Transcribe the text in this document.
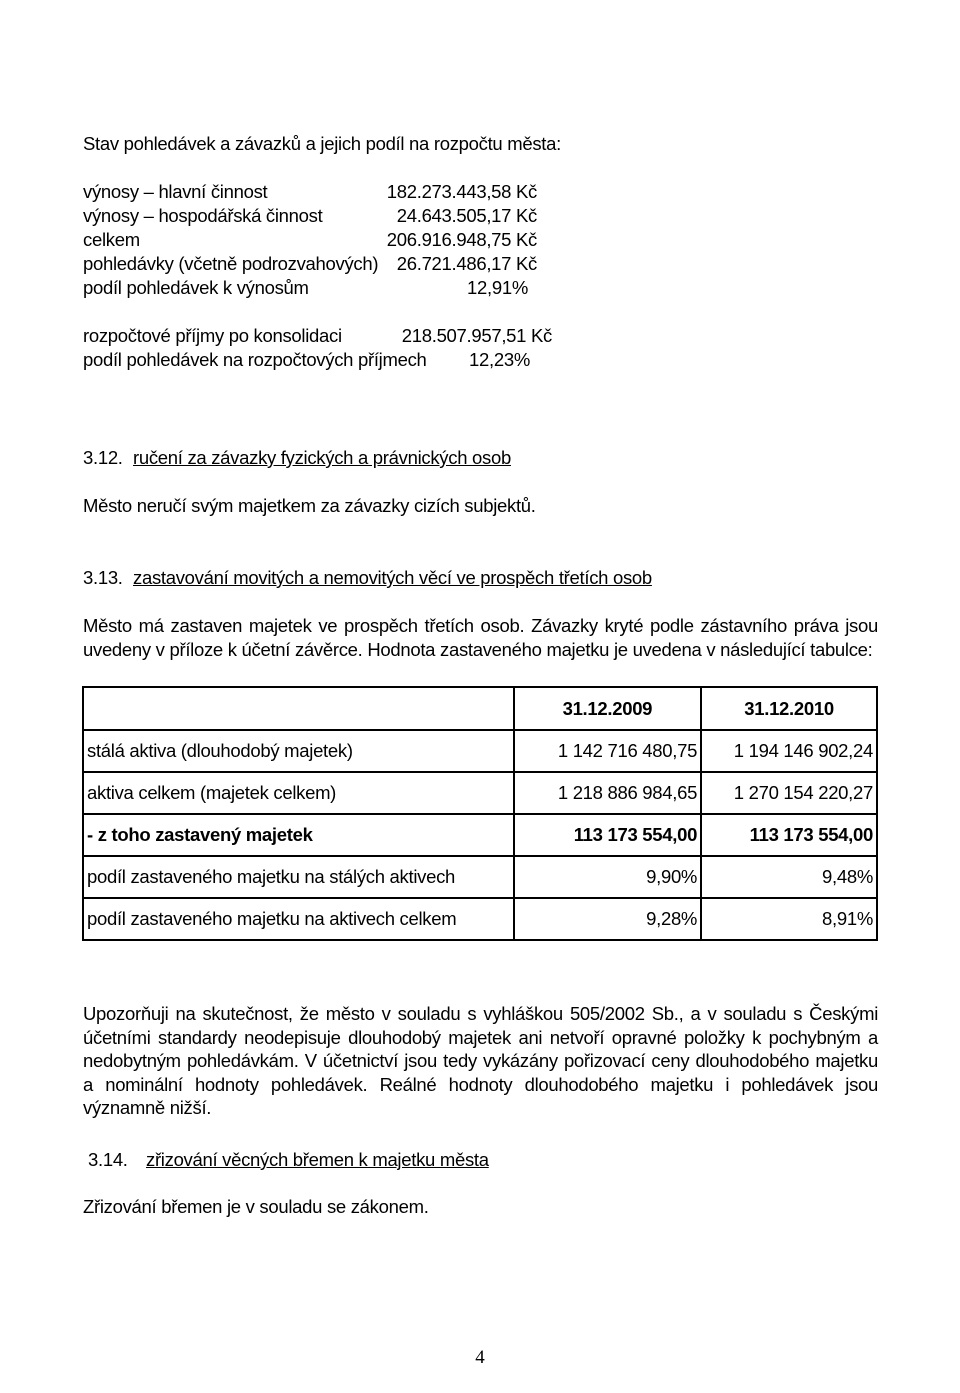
Stav pohledávek a závazků a jejich podíl na rozpočtu města:
výnosy – hlavní činnost	182.273.443,58 Kč
výnosy – hospodářská činnost	24.643.505,17 Kč
celkem	206.916.948,75 Kč
pohledávky (včetně podrozvahových)	26.721.486,17 Kč
podíl pohledávek k výnosům	12,91%
rozpočtové příjmy po konsolidaci	218.507.957,51 Kč
podíl pohledávek na rozpočtových příjmech	12,23%
3.12. ručení za závazky fyzických a právnických osob
Město neručí svým majetkem za závazky cizích subjektů.
3.13. zastavování movitých a nemovitých věcí ve prospěch třetích osob
Město má zastaven majetek ve prospěch třetích osob. Závazky kryté podle zástavního práva jsou uvedeny v příloze k účetní závěrce. Hodnota zastaveného majetku je uvedena v následující tabulce:
	31.12.2009	31.12.2010
stálá aktiva (dlouhodobý majetek)	1 142 716 480,75	1 194 146 902,24
aktiva celkem (majetek celkem)	1 218 886 984,65	1 270 154 220,27
- z toho zastavený majetek	113 173 554,00	113 173 554,00
podíl zastaveného majetku na stálých aktivech	9,90%	9,48%
podíl zastaveného majetku na aktivech celkem	9,28%	8,91%
Upozorňuji na skutečnost, že město v souladu s vyhláškou 505/2002 Sb., a v souladu s Českými účetními standardy neodepisuje dlouhodobý majetek ani netvoří opravné položky k pochybným a nedobytným pohledávkám. V účetnictví jsou tedy vykázány pořizovací ceny dlouhodobého majetku a nominální hodnoty pohledávek. Reálné hodnoty dlouhodobého majetku i pohledávek jsou významně nižší.
3.14. zřizování věcných břemen k majetku města
Zřizování břemen je v souladu se zákonem.
4
